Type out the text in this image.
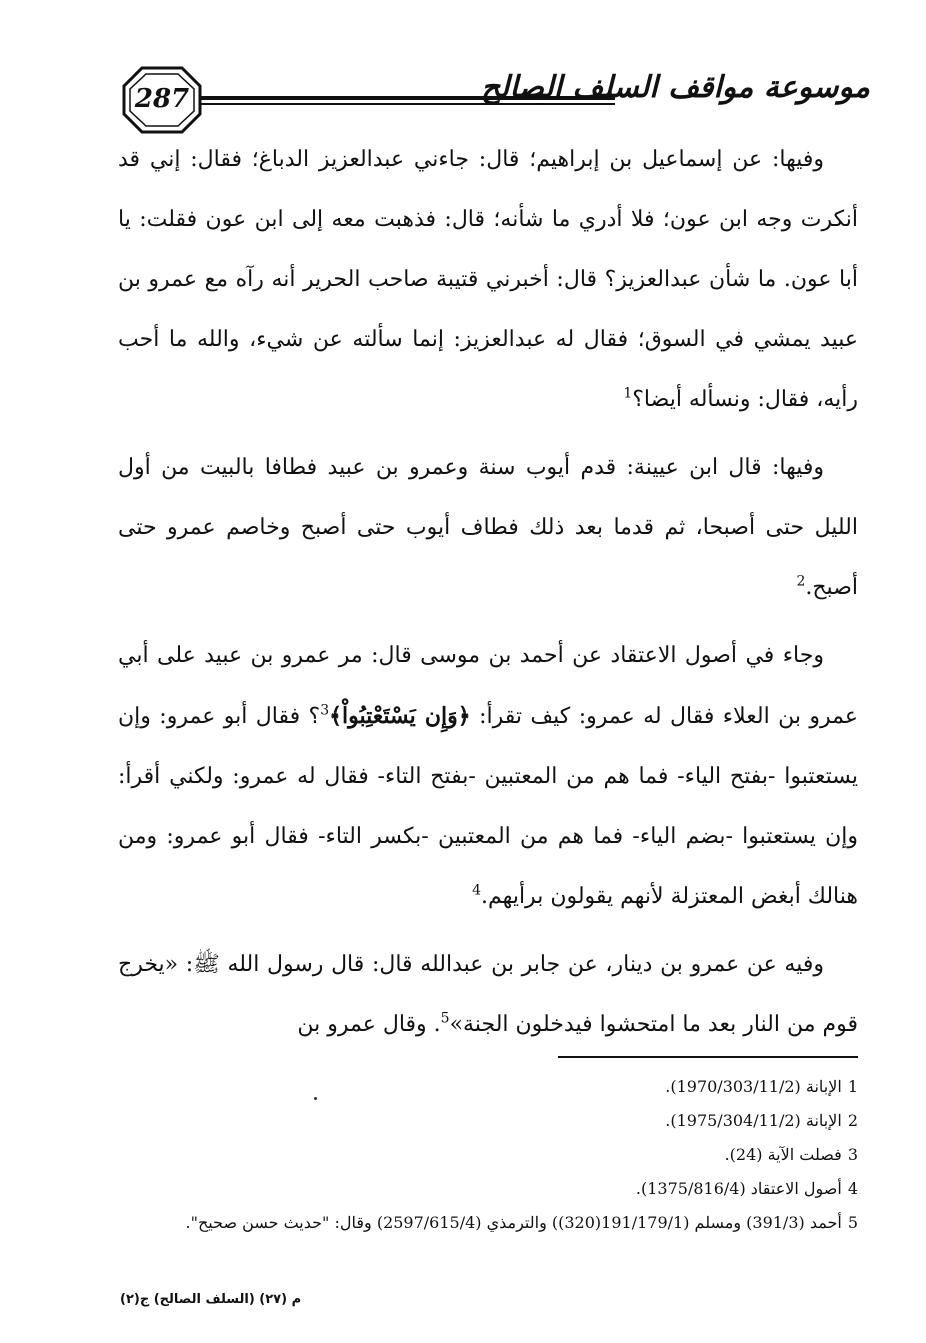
287	موسوعة مواقف السلف الصالح

وفيها: عن إسماعيل بن إبراهيم؛ قال: جاءني عبدالعزيز الدباغ؛ فقال: إني قد أنكرت وجه ابن عون؛ فلا أدري ما شأنه؛ قال: فذهبت معه إلى ابن عون فقلت: يا أبا عون. ما شأن عبدالعزيز؟ قال: أخبرني قتيبة صاحب الحرير أنه رآه مع عمرو بن عبيد يمشي في السوق؛ فقال له عبدالعزيز: إنما سألته عن شيء، والله ما أحب رأيه، فقال: ونسأله أيضا؟$^1$

وفيها: قال ابن عيينة: قدم أيوب سنة وعمرو بن عبيد فطافا بالبيت من أول الليل حتى أصبحا، ثم قدما بعد ذلك فطاف أيوب حتى أصبح وخاصم عمرو حتى أصبح.$^2$

وجاء في أصول الاعتقاد عن أحمد بن موسى قال: مر عمرو بن عبيد على أبي عمرو بن العلاء فقال له عمرو: كيف تقرأ: ﴿وَإِن يَسْتَعْتِبُواْ﴾$^3$؟ فقال أبو عمرو: وإن يستعتبوا -بفتح الياء- فما هم من المعتبين -بفتح التاء- فقال له عمرو: ولكني أقرأ: وإن يستعتبوا -بضم الياء- فما هم من المعتبين -بكسر التاء- فقال أبو عمرو: ومن هنالك أبغض المعتزلة لأنهم يقولون برأيهم.$^4$

وفيه عن عمرو بن دينار، عن جابر بن عبدالله قال: قال رسول الله ﷺ: «يخرج قوم من النار بعد ما امتحشوا فيدخلون الجنة»$^5$. وقال عمرو بن

1الإبانة (1970/303/11/2).

2الإبانة (1975/304/11/2).

3فصلت الآية (24).

4أصول الاعتقاد (1375/816/4).

5أحمد (391/3) ومسلم (191/179/1(320)) والترمذي (2597/615/4) وقال: "حديث حسن صحيح".

م (٢٧) (السلف الصالح) ج(٢)
